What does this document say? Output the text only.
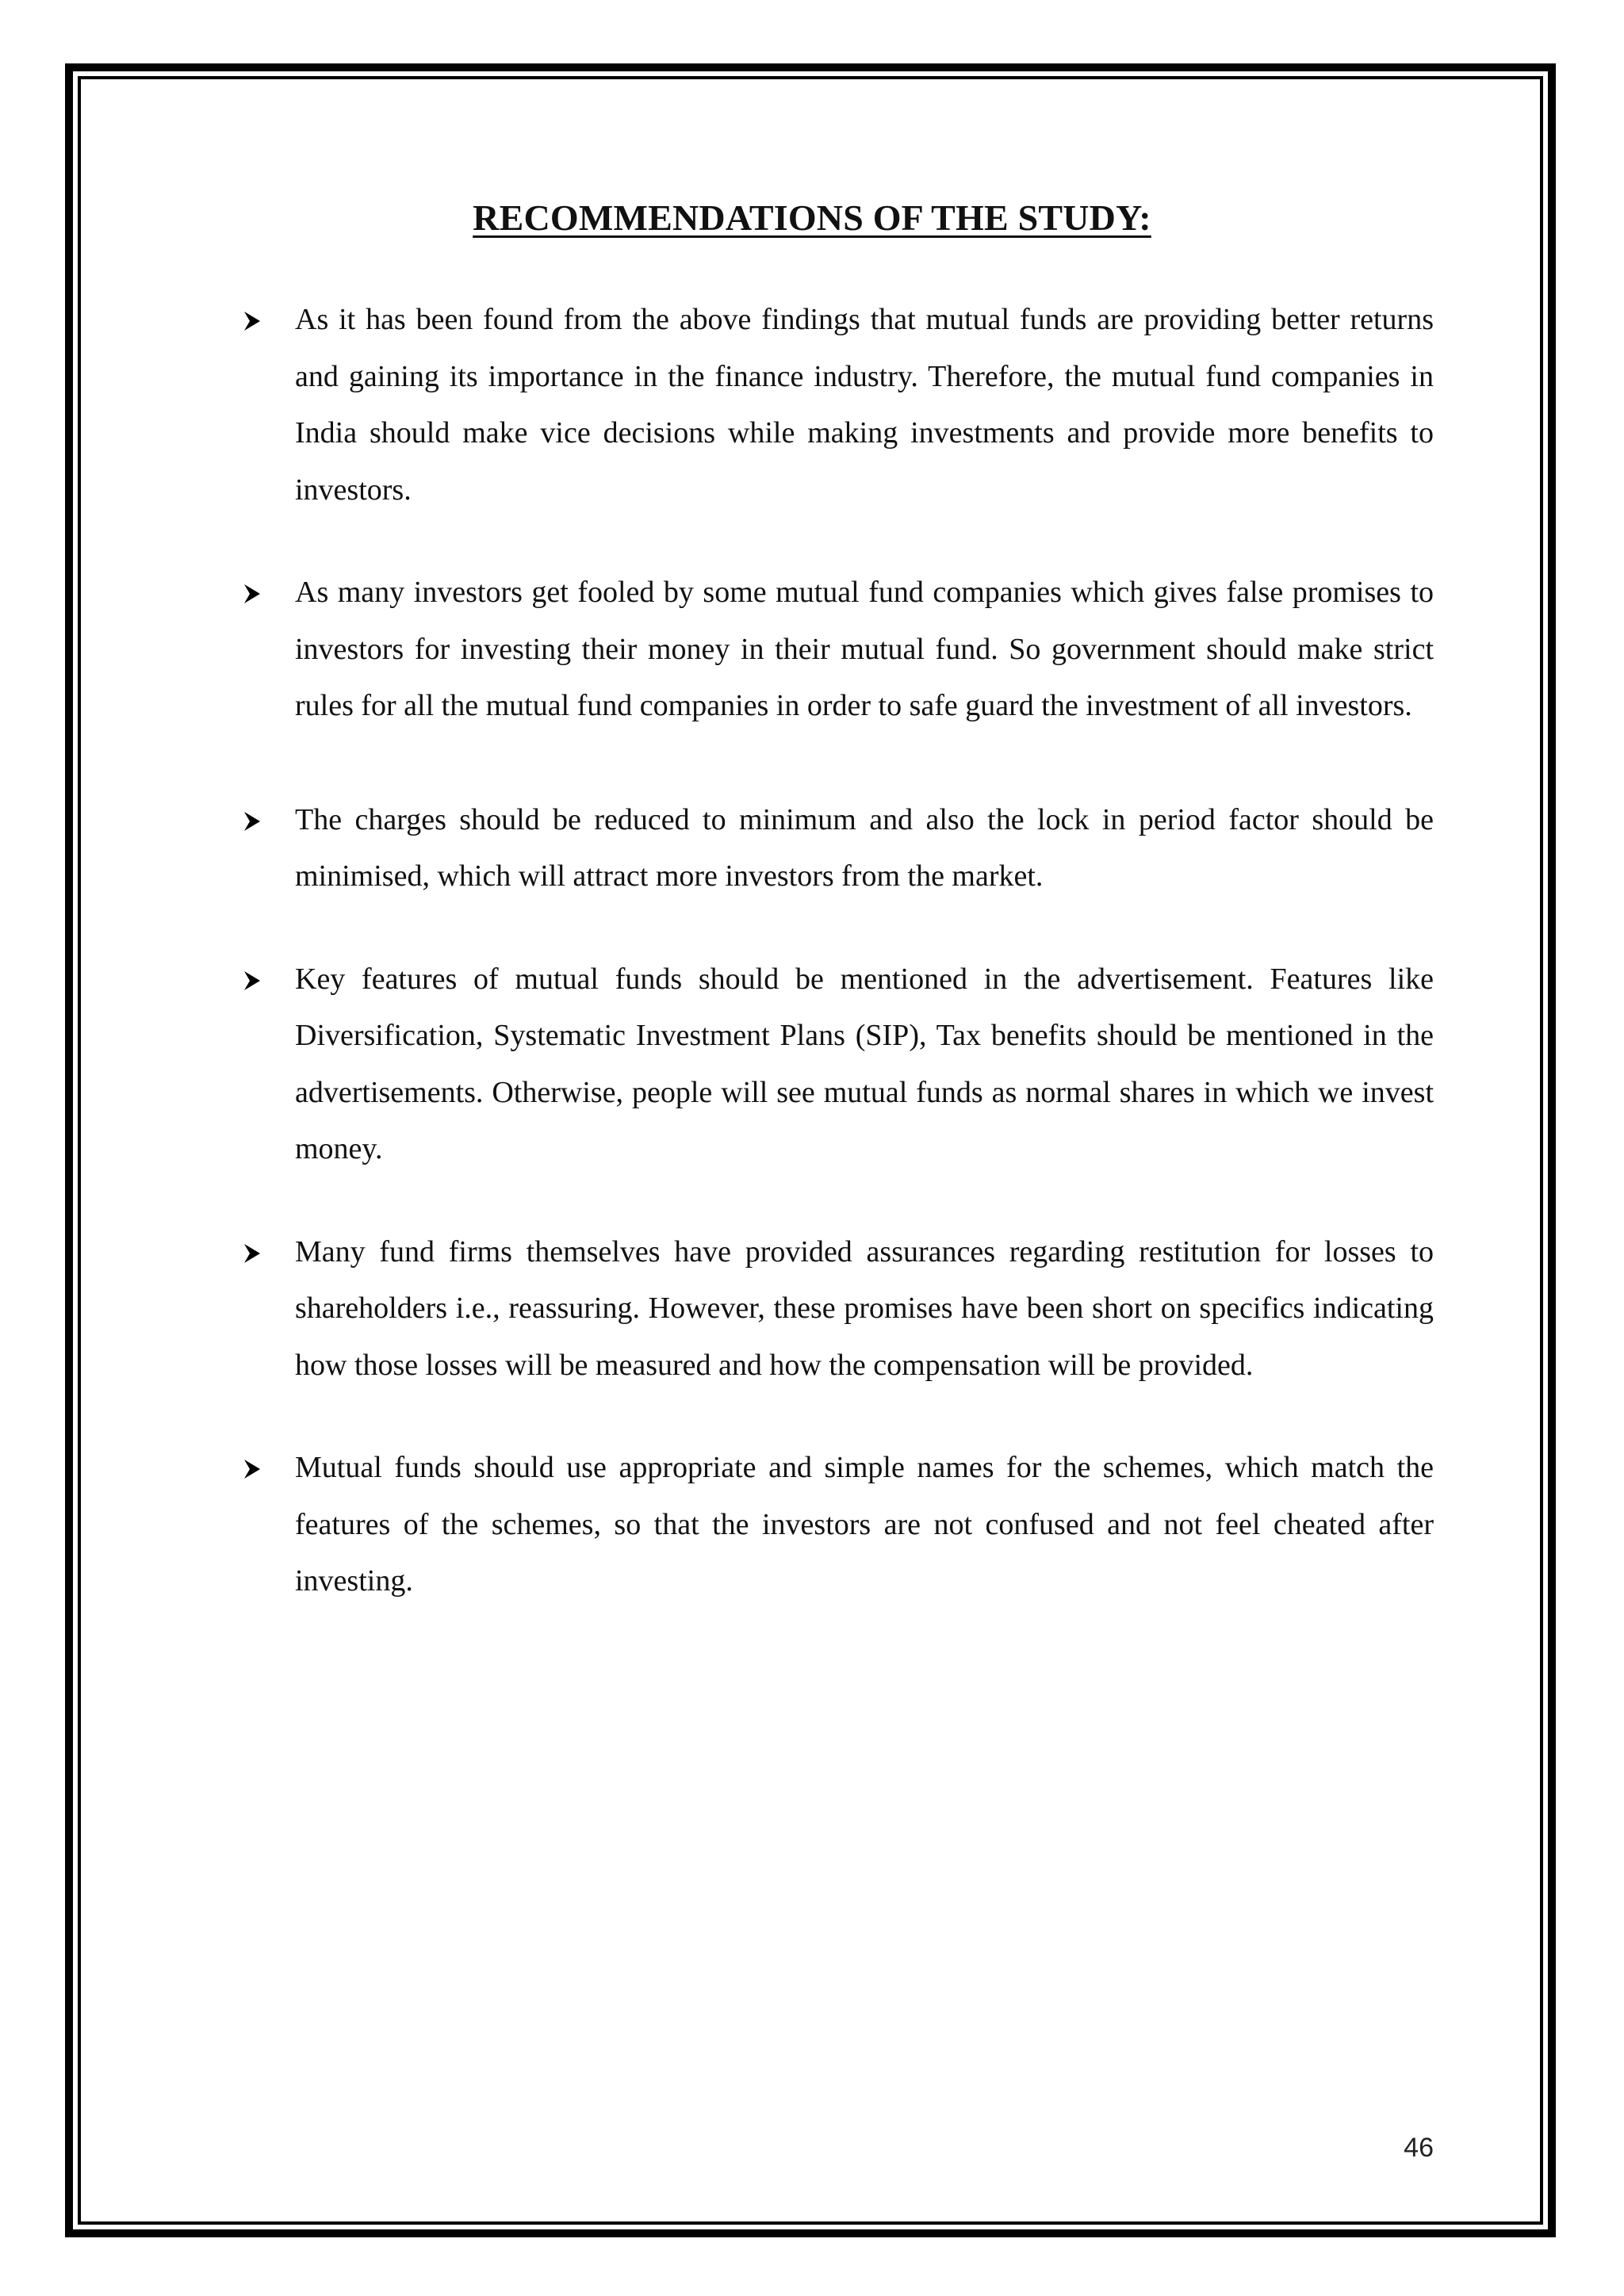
RECOMMENDATIONS OF THE STUDY:
As it has been found from the above findings that mutual funds are providing better returns and gaining its importance in the finance industry. Therefore, the mutual fund companies in India should make vice decisions while making investments and provide more benefits to investors.
As many investors get fooled by some mutual fund companies which gives false promises to investors for investing their money in their mutual fund. So government should make strict rules for all the mutual fund companies in order to safe guard the investment of all investors.
The charges should be reduced to minimum and also the lock in period factor should be minimised, which will attract more investors from the market.
Key features of mutual funds should be mentioned in the advertisement. Features like Diversification, Systematic Investment Plans (SIP), Tax benefits should be mentioned in the advertisements. Otherwise, people will see mutual funds as normal shares in which we invest money.
Many fund firms themselves have provided assurances regarding restitution for losses to shareholders i.e., reassuring. However, these promises have been short on specifics indicating how those losses will be measured and how the compensation will be provided.
Mutual funds should use appropriate and simple names for the schemes, which match the features of the schemes, so that the investors are not confused and not feel cheated after investing.
46
